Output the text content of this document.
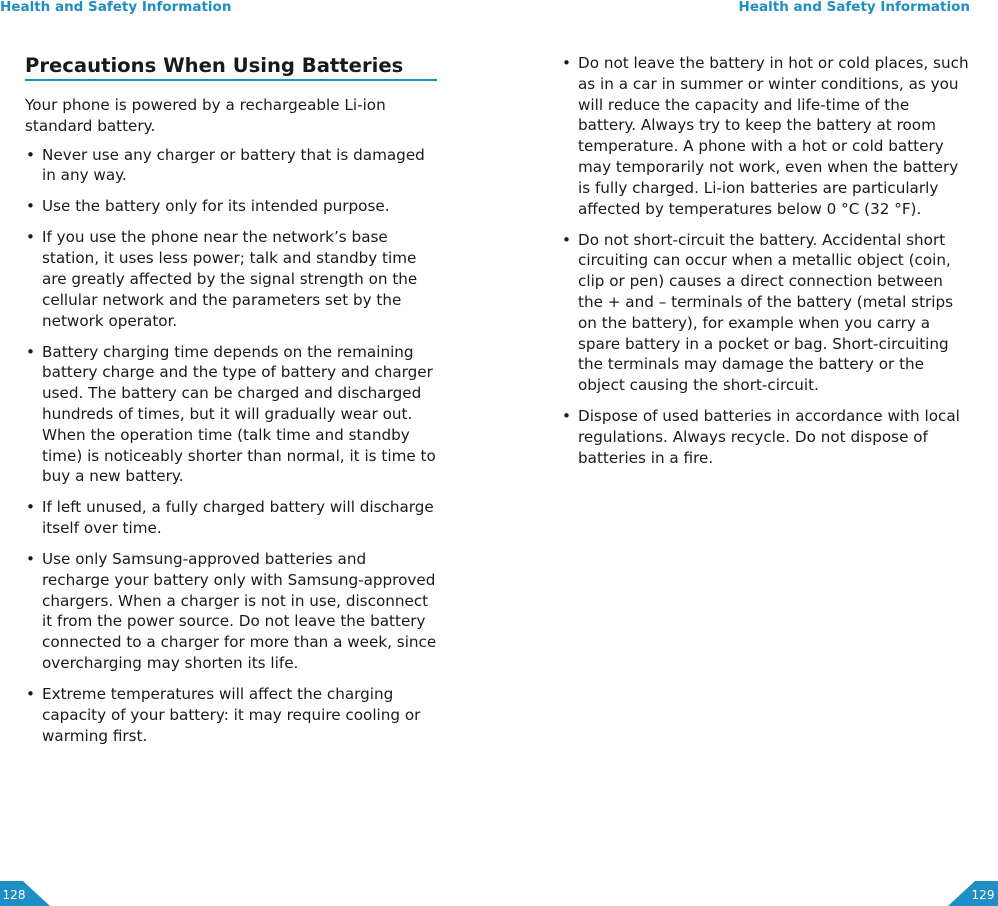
Health and Safety Information

Precautions When Using Batteries

Your phone is powered by a rechargeable Li-ion standard battery.

• Never use any charger or battery that is damaged in any way.
• Use the battery only for its intended purpose.
• If you use the phone near the network’s base station, it uses less power; talk and standby time are greatly affected by the signal strength on the cellular network and the parameters set by the network operator.
• Battery charging time depends on the remaining battery charge and the type of battery and charger used. The battery can be charged and discharged hundreds of times, but it will gradually wear out. When the operation time (talk time and standby time) is noticeably shorter than normal, it is time to buy a new battery.
• If left unused, a fully charged battery will discharge itself over time.
• Use only Samsung-approved batteries and recharge your battery only with Samsung-approved chargers. When a charger is not in use, disconnect it from the power source. Do not leave the battery connected to a charger for more than a week, since overcharging may shorten its life.
• Extreme temperatures will affect the charging capacity of your battery: it may require cooling or warming first.
128

Health and Safety Information

• Do not leave the battery in hot or cold places, such as in a car in summer or winter conditions, as you will reduce the capacity and life-time of the battery. Always try to keep the battery at room temperature. A phone with a hot or cold battery may temporarily not work, even when the battery is fully charged. Li-ion batteries are particularly affected by temperatures below 0 °C (32 °F).
• Do not short-circuit the battery. Accidental short circuiting can occur when a metallic object (coin, clip or pen) causes a direct connection between the + and – terminals of the battery (metal strips on the battery), for example when you carry a spare battery in a pocket or bag. Short-circuiting the terminals may damage the battery or the object causing the short-circuit.
• Dispose of used batteries in accordance with local regulations. Always recycle. Do not dispose of batteries in a fire.
129
